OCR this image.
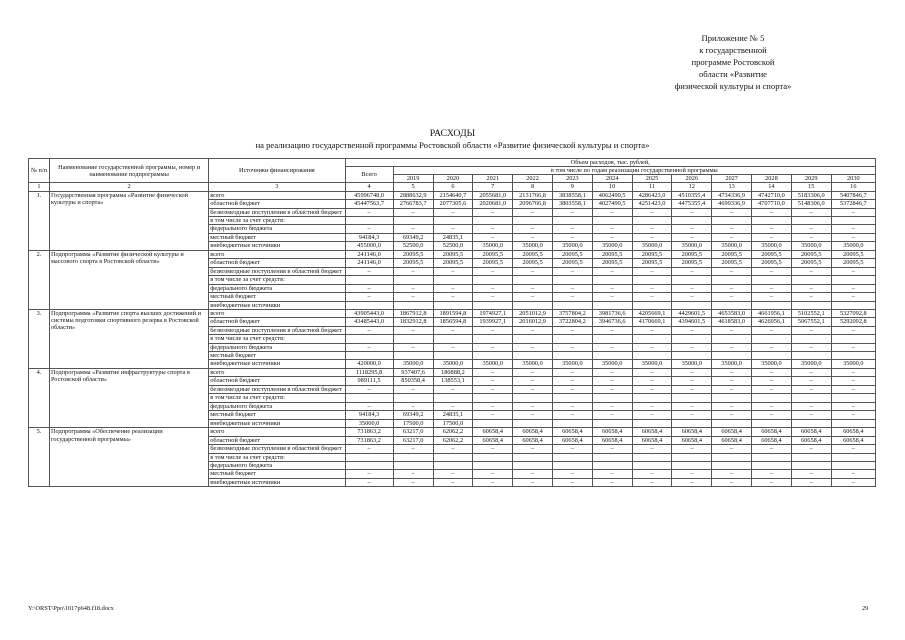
Приложение № 5
к государственной
программе Ростовской
области «Развитие
физической культуры и спорта»
РАСХОДЫ
на реализацию государственной программы Ростовской области «Развитие физической культуры и спорта»
№ п/п	Наименование государственной программы, номер и наименование подпрограммы	Источники финансирования	Объем расходов, тыс. рублей,												
			Всего	в том числе по годам реализации государственной программы											
				2019	2020	2021	2022	2023	2024	2025	2026	2027	2028	2029	2030
1	2	3	4	5	6	7	8	9	10	11	12	13	14	15	16
1.	Государственная программа «Развитие физической культуры и спорта»	всего	45996748,0	2888632,9	2154640,7	2055681,0	2131766,8	3838558,1	4062490,5	4286423,0	4510355,4	4734336,9	4742710,0	5183306,0	5407846,7
		областной бюджет	45447563,7	2766783,7	2077305,6	2020681,0	2096766,8	3803558,1	4027490,5	4251423,0	4475355,4	4699336,9	4707710,0	5148306,0	5372846,7
		безвозмездные поступления в областной бюджет	–	–	–	–	–	–	–	–	–	–	–	–	–
		в том числе за счет средств:													
		федерального бюджета	–	–	–	–	–	–	–	–	–	–	–	–	–
		местный бюджет	94184,3	69349,2	24835,1	–	–	–	–	–	–	–	–	–	–
		внебюджетные источники	455000,0	52500,0	52500,0	35000,0	35000,0	35000,0	35000,0	35000,0	35000,0	35000,0	35000,0	35000,0	35000,0
2.	Подпрограмма «Развитие физической культуры и массового спорта в Ростовской области»	всего	241146,0	20095,5	20095,5	20095,5	20095,5	20095,5	20095,5	20095,5	20095,5	20095,5	20095,5	20095,5	20095,5
		областной бюджет	241146,0	20095,5	20095,5	20095,5	20095,5	20095,5	20095,5	20095,5	20095,5	20095,5	20095,5	20095,5	20095,5
		безвозмездные поступления в областной бюджет	–	–	–	–	–	–	–	–	–	–	–	–	–
		в том числе за счет средств:													
		федерального бюджета	–	–	–	–	–	–	–	–	–	–	–	–	–
		местный бюджет	–	–	–	–	–	–	–	–	–	–	–	–	–
		внебюджетные источники													
3.	Подпрограмма «Развитие спорта высших достижений и системы подготовки спортивного резерва в Ростовской области»	всего	43905443,0	1867912,8	1891594,8	1974927,1	2051012,9	3757804,2	3981736,6	4205669,1	4429601,5	4653583,0	4661956,1	5102552,1	5327092,8
		областной бюджет	43485443,0	1832912,8	1856594,8	1939927,1	2016012,9	3722804,2	3946736,6	4170669,1	4394601,5	4618583,0	4626956,1	5067552,1	5292092,8
		безвозмездные поступления в областной бюджет	–	–	–	–	–	–	–	–	–	–	–	–	–
		в том числе за счет средств:													
		федерального бюджета	–	–	–	–	–	–	–	–	–	–	–	–	–
		местный бюджет													
		внебюджетные источники	420000,0	35000,0	35000,0	35000,0	35000,0	35000,0	35000,0	35000,0	35000,0	35000,0	35000,0	35000,0	35000,0
4.	Подпрограмма «Развитие инфраструктуры спорта в Ростовской области»	всего	1118295,8	937407,6	180888,2	–	–	–	–	–	–	–	–	–	–
		областной бюджет	989111,5	850358,4	138553,1	–	–	–	–	–	–	–	–	–	–
		безвозмездные поступления в областной бюджет	–	–	–	–	–	–	–	–	–	–	–	–	–
		в том числе за счет средств:													
		федерального бюджета	–	–	–	–	–	–	–	–	–	–	–	–	–
		местный бюджет	94184,3	69349,2	24835,1	–	–	–	–	–	–	–	–	–	–
		внебюджетные источники	35000,0	17500,0	17500,0										
5.	Подпрограмма «Обеспечение реализации государственной программы»	всего	731863,2	63217,0	62062,2	60658,4	60658,4	60658,4	60658,4	60658,4	60658,4	60658,4	60658,4	60658,4	60658,4
		областной бюджет	731863,2	63217,0	62062,2	60658,4	60658,4	60658,4	60658,4	60658,4	60658,4	60658,4	60658,4	60658,4	60658,4
		безвозмездные поступления в областной бюджет	–	–	–	–	–	–	–	–	–	–	–	–	–
		в том числе за счет средств:													
		федерального бюджета													
		местный бюджет	–	–	–	–	–	–	–	–	–	–	–	–	–
		внебюджетные источники	–	–	–	–	–	–	–	–	–	–	–	–	–
Y:\ORST\Ppo\1017p648.f18.docx	29
